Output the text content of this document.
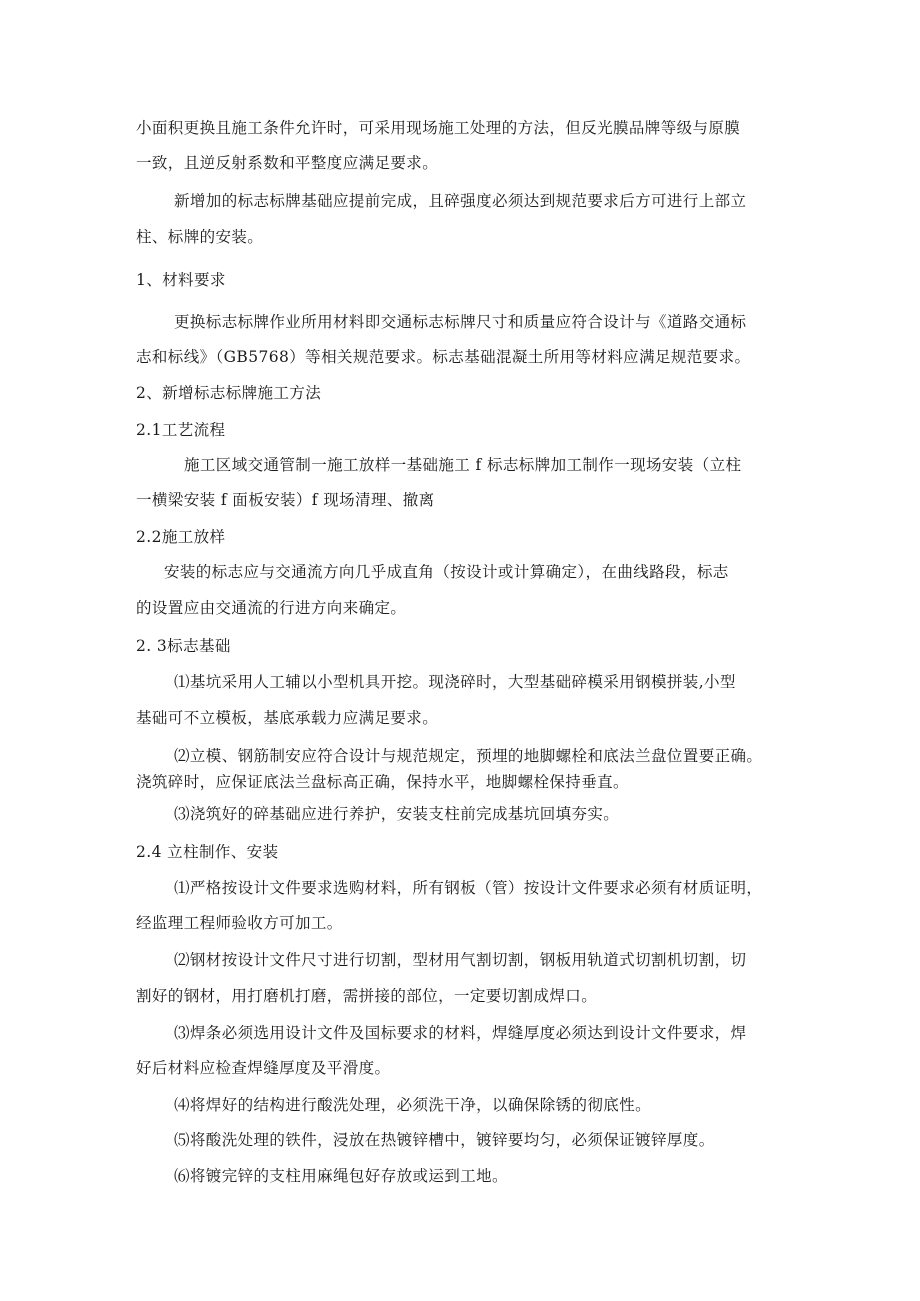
小面积更换且施工条件允许时，可采用现场施工处理的方法，但反光膜品牌等级与原膜
一致，且逆反射系数和平整度应满足要求。
新增加的标志标牌基础应提前完成，且碎强度必须达到规范要求后方可进行上部立
柱、标牌的安装。
1、材料要求
更换标志标牌作业所用材料即交通标志标牌尺寸和质量应符合设计与《道路交通标
志和标线》（GB5768）等相关规范要求。标志基础混凝土所用等材料应满足规范要求。
2、新增标志标牌施工方法
2.1工艺流程
施工区域交通管制一施工放样一基础施工 f 标志标牌加工制作一现场安装（立柱
一横梁安装 f 面板安装）f 现场清理、撤离
2.2施工放样
安装的标志应与交通流方向几乎成直角（按设计或计算确定），在曲线路段，标志
的设置应由交通流的行进方向来确定。
2. 3标志基础
⑴基坑采用人工辅以小型机具开挖。现浇碎时，大型基础碎模采用钢模拼装,小型
基础可不立模板，基底承载力应满足要求。
⑵立模、钢筋制安应符合设计与规范规定，预埋的地脚螺栓和底法兰盘位置要正确。
浇筑碎时，应保证底法兰盘标高正确，保持水平，地脚螺栓保持垂直。
⑶浇筑好的碎基础应进行养护，安装支柱前完成基坑回填夯实。
2.4 立柱制作、安装
⑴严格按设计文件要求选购材料，所有钢板（管）按设计文件要求必须有材质证明，
经监理工程师验收方可加工。
⑵钢材按设计文件尺寸进行切割，型材用气割切割，钢板用轨道式切割机切割，切
割好的钢材，用打磨机打磨，需拼接的部位，一定要切割成焊口。
⑶焊条必须选用设计文件及国标要求的材料，焊缝厚度必须达到设计文件要求，焊
好后材料应检查焊缝厚度及平滑度。
⑷将焊好的结构进行酸洗处理，必须洗干净，以确保除锈的彻底性。
⑸将酸洗处理的铁件，浸放在热镀锌槽中，镀锌要均匀，必须保证镀锌厚度。
⑹将镀完锌的支柱用麻绳包好存放或运到工地。
